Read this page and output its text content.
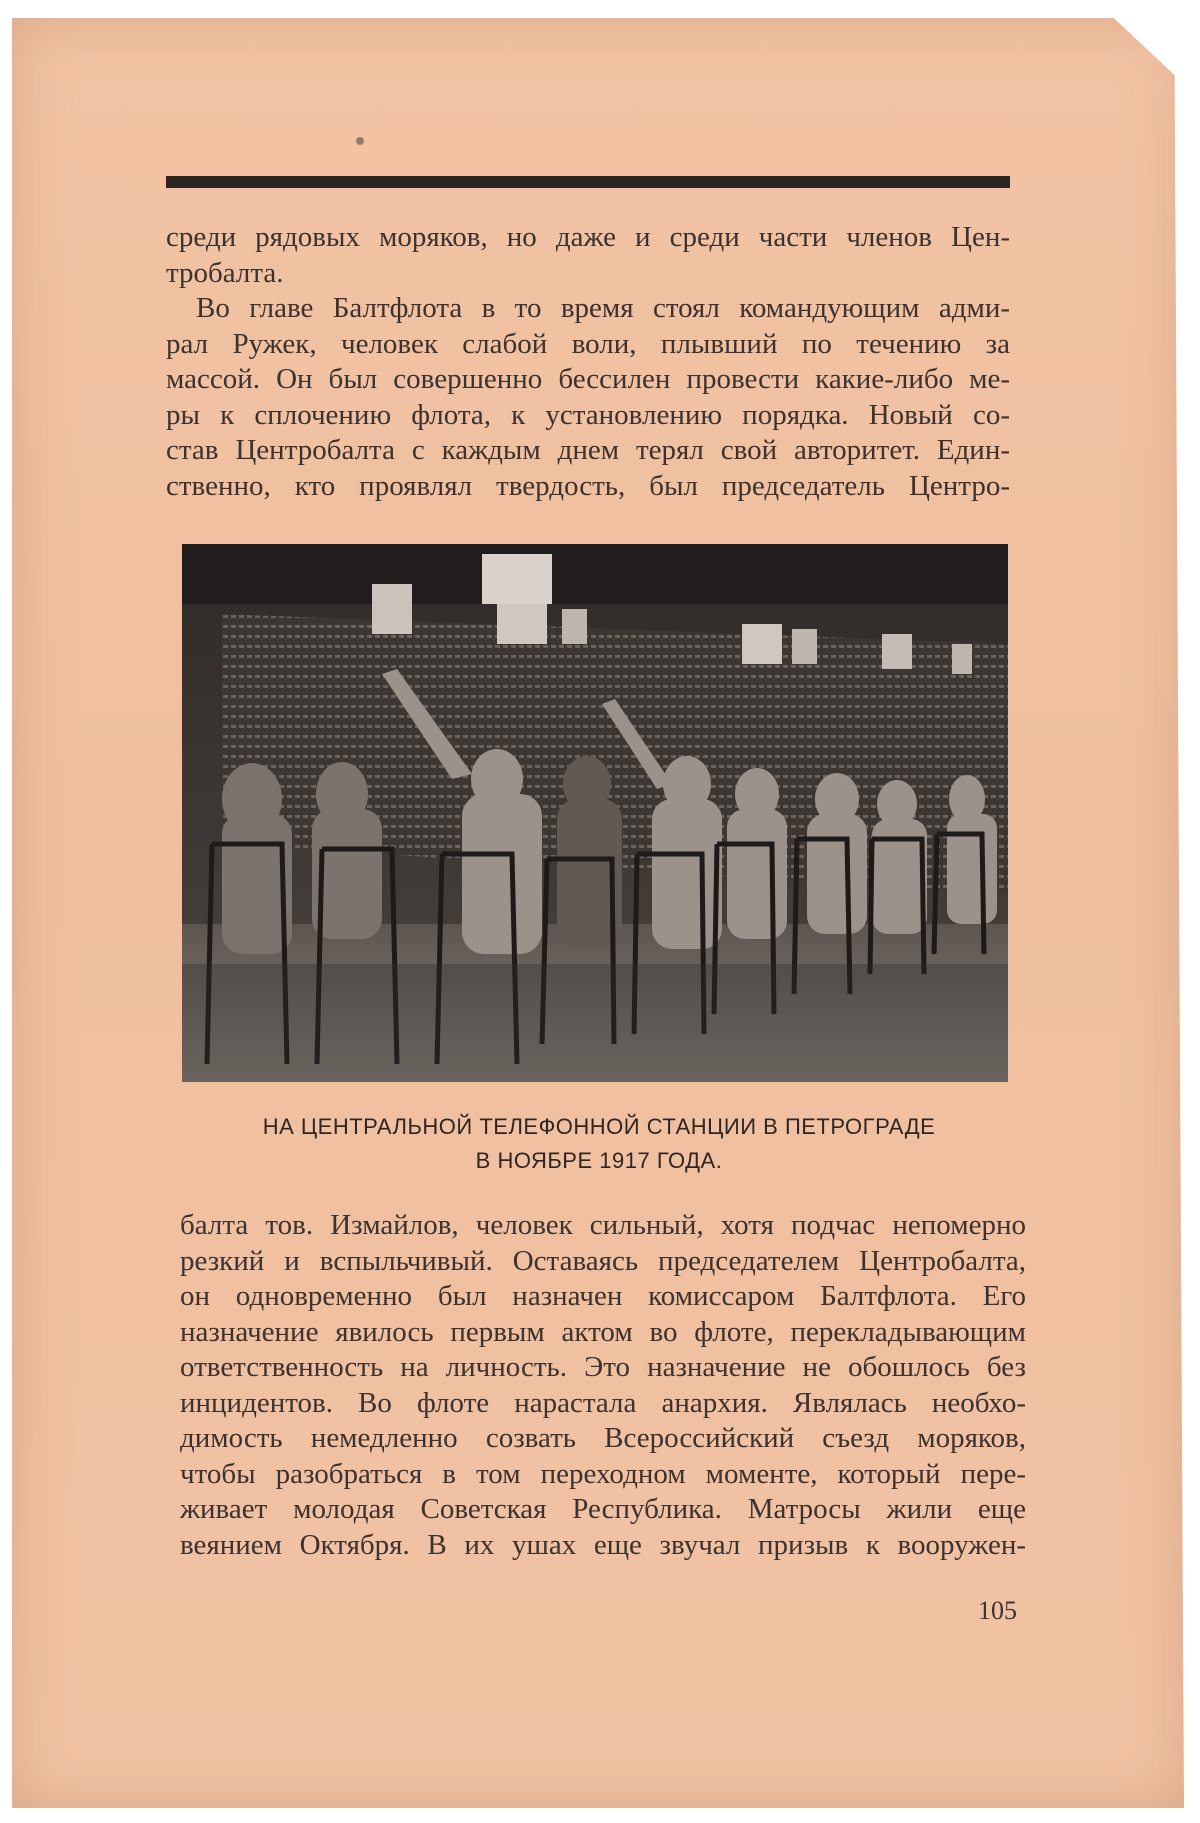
среди рядовых моряков, но даже и среди части членов Цен-
тробалта.
Во главе Балтфлота в то время стоял командующим адми-
рал Ружек, человек слабой воли, плывший по течению за
массой. Он был совершенно бессилен провести какие-либо ме-
ры к сплочению флота, к установлению порядка. Новый со-
став Центробалта с каждым днем терял свой авторитет. Един-
ственно, кто проявлял твердость, был председатель Центро-
НА ЦЕНТРАЛЬНОЙ ТЕЛЕФОННОЙ СТАНЦИИ В ПЕТРОГРАДЕ
В НОЯБРЕ 1917 ГОДА.
балта тов. Измайлов, человек сильный, хотя подчас непомерно
резкий и вспыльчивый. Оставаясь председателем Центробалта,
он одновременно был назначен комиссаром Балтфлота. Его
назначение явилось первым актом во флоте, перекладывающим
ответственность на личность. Это назначение не обошлось без
инцидентов. Во флоте нарастала анархия. Являлась необхо-
димость немедленно созвать Всероссийский съезд моряков,
чтобы разобраться в том переходном моменте, который пере-
живает молодая Советская Республика. Матросы жили еще
веянием Октября. В их ушах еще звучал призыв к вооружен-
105
